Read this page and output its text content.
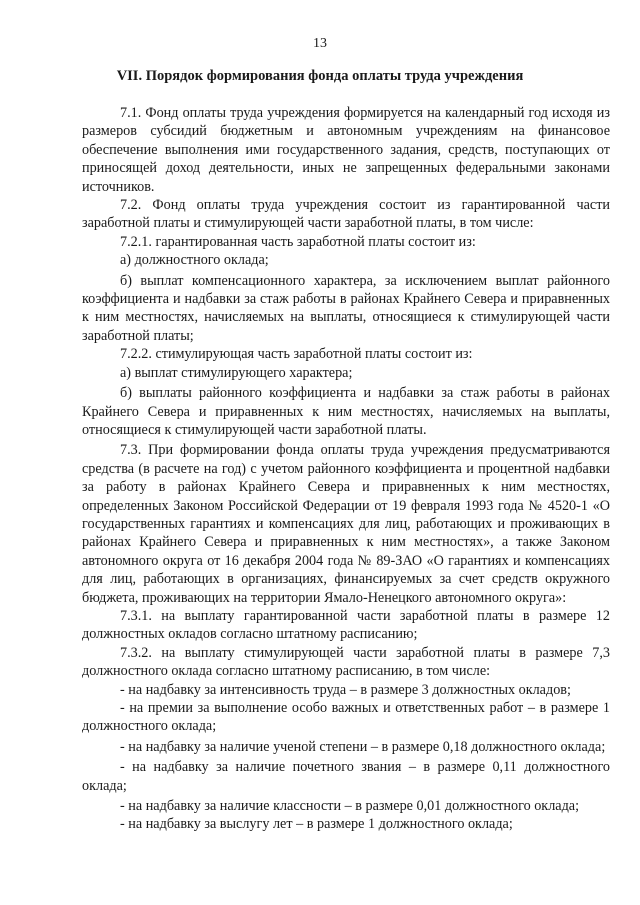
13
VII. Порядок формирования фонда оплаты труда учреждения

7.1. Фонд оплаты труда учреждения формируется на календарный год исходя из размеров субсидий бюджетным и автономным учреждениям на финансовое обеспечение выполнения ими государственного задания, средств, поступающих от приносящей доход деятельности, иных не запрещенных федеральными законами источников.

7.2. Фонд оплаты труда учреждения состоит из гарантированной части заработной платы и стимулирующей части заработной платы, в том числе:

7.2.1. гарантированная часть заработной платы состоит из:

а) должностного оклада;

б) выплат компенсационного характера, за исключением выплат районного коэффициента и надбавки за стаж работы в районах Крайнего Севера и приравненных к ним местностях, начисляемых на выплаты, относящиеся к стимулирующей части заработной платы;

7.2.2. стимулирующая часть заработной платы состоит из:

а) выплат стимулирующего характера;

б) выплаты районного коэффициента и надбавки за стаж работы в районах Крайнего Севера и приравненных к ним местностях, начисляемых на выплаты, относящиеся к стимулирующей части заработной платы.

7.3. При формировании фонда оплаты труда учреждения предусматриваются средства (в расчете на год) с учетом районного коэффициента и процентной надбавки за работу в районах Крайнего Севера и приравненных к ним местностях, определенных Законом Российской Федерации от 19 февраля 1993 года № 4520-1 «О государственных гарантиях и компенсациях для лиц, работающих и проживающих в районах Крайнего Севера и приравненных к ним местностях», а также Законом автономного округа от 16 декабря 2004 года № 89-ЗАО «О гарантиях и компенсациях для лиц, работающих в организациях, финансируемых за счет средств окружного бюджета, проживающих на территории Ямало-Ненецкого автономного округа»:

7.3.1. на выплату гарантированной части заработной платы в размере 12 должностных окладов согласно штатному расписанию;

7.3.2. на выплату стимулирующей части заработной платы в размере 7,3 должностного оклада согласно штатному расписанию, в том числе:

- на надбавку за интенсивность труда – в размере 3 должностных окладов;

- на премии за выполнение особо важных и ответственных работ – в размере 1 должностного оклада;

- на надбавку за наличие ученой степени – в размере 0,18 должностного оклада;

- на надбавку за наличие почетного звания – в размере 0,11 должностного оклада;

- на надбавку за наличие классности – в размере 0,01 должностного оклада;

- на надбавку за выслугу лет – в размере 1 должностного оклада;
